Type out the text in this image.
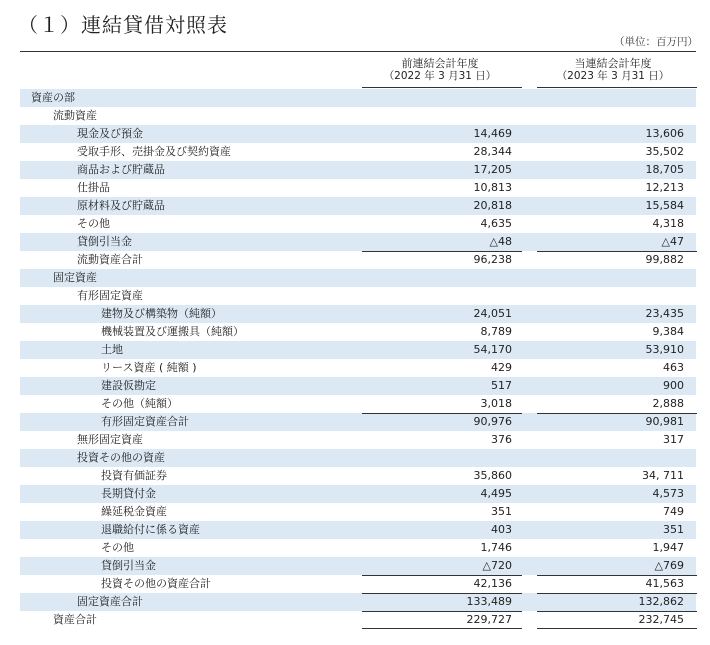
（１）連結貸借対照表
（単位：百万円）
前連結会計年度
（2022 年 3 月31 日）
当連結会計年度
（2023 年 3 月31 日）
資産の部
流動資産
現金及び預金	14,469	13,606
受取手形、売掛金及び契約資産	28,344	35,502
商品および貯蔵品	17,205	18,705
仕掛品	10,813	12,213
原材料及び貯蔵品	20,818	15,584
その他	4,635	4,318
貸倒引当金	△48	△47
流動資産合計	96,238	99,882
固定資産
有形固定資産
建物及び構築物（純額）	24,051	23,435
機械装置及び運搬具（純額）	8,789	9,384
土地	54,170	53,910
リース資産 ( 純額 )	429	463
建設仮勘定	517	900
その他（純額）	3,018	2,888
有形固定資産合計	90,976	90,981
無形固定資産	376	317
投資その他の資産
投資有価証券	35,860	34, 711
長期貸付金	4,495	4,573
繰延税金資産	351	749
退職給付に係る資産	403	351
その他	1,746	1,947
貸倒引当金	△720	△769
投資その他の資産合計	42,136	41,563
固定資産合計	133,489	132,862
資産合計	229,727	232,745
